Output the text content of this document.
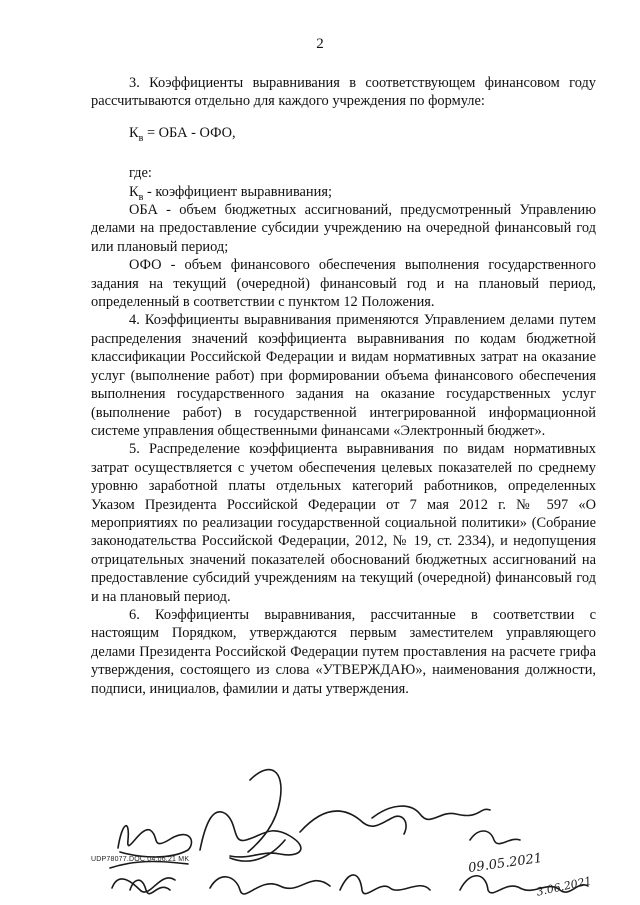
2

3. Коэффициенты выравнивания в соответствующем финансовом году рассчитываются отдельно для каждого учреждения по формуле:

$К_в$ = ОБА - ОФО,

где:

$К_в$ - коэффициент выравнивания;

ОБА - объем бюджетных ассигнований, предусмотренный Управлению делами на предоставление субсидии учреждению на очередной финансовый год или плановый период;

ОФО - объем финансового обеспечения выполнения государственного задания на текущий (очередной) финансовый год и на плановый период, определенный в соответствии с пунктом 12 Положения.

4. Коэффициенты выравнивания применяются Управлением делами путем распределения значений коэффициента выравнивания по кодам бюджетной классификации Российской Федерации и видам нормативных затрат на оказание услуг (выполнение работ) при формировании объема финансового обеспечения выполнения государственного задания на оказание государственных услуг (выполнение работ) в государственной интегрированной информационной системе управления общественными финансами «Электронный бюджет».

5. Распределение коэффициента выравнивания по видам нормативных затрат осуществляется с учетом обеспечения целевых показателей по среднему уровню заработной платы отдельных категорий работников, определенных Указом Президента Российской Федерации от 7 мая 2012 г. № 597 «О мероприятиях по реализации государственной социальной политики» (Собрание законодательства Российской Федерации, 2012, № 19, ст. 2334), и недопущения отрицательных значений показателей обоснований бюджетных ассигнований на предоставление субсидий учреждениям на текущий (очередной) финансовый год и на плановый период.

6. Коэффициенты выравнивания, рассчитанные в соответствии с настоящим Порядком, утверждаются первым заместителем управляющего делами Президента Российской Федерации путем проставления на расчете грифа утверждения, состоящего из слова «УТВЕРЖДАЮ», наименования должности, подписи, инициалов, фамилии и даты утверждения.

09.05.2021
3.06.2021
UDP78077.DOC 04.06.21 MK
